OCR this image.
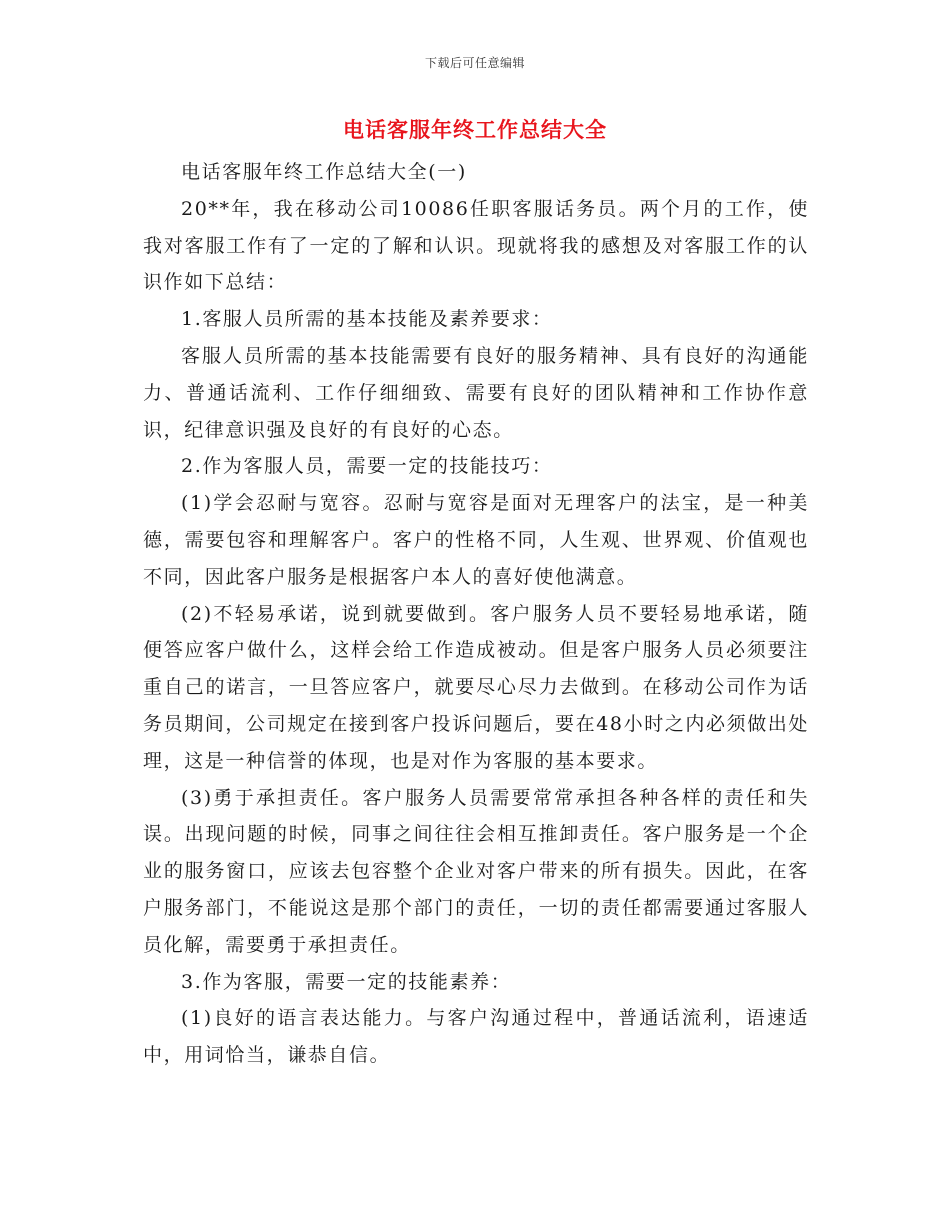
下载后可任意编辑
电话客服年终工作总结大全

电话客服年终工作总结大全(一)

20**年，我在移动公司10086任职客服话务员。两个月的工作，使我对客服工作有了一定的了解和认识。现就将我的感想及对客服工作的认识作如下总结：

1.客服人员所需的基本技能及素养要求：

客服人员所需的基本技能需要有良好的服务精神、具有良好的沟通能力、普通话流利、工作仔细细致、需要有良好的团队精神和工作协作意识，纪律意识强及良好的有良好的心态。

2.作为客服人员，需要一定的技能技巧：

(1)学会忍耐与宽容。忍耐与宽容是面对无理客户的法宝，是一种美德，需要包容和理解客户。客户的性格不同，人生观、世界观、价值观也不同，因此客户服务是根据客户本人的喜好使他满意。

(2)不轻易承诺，说到就要做到。客户服务人员不要轻易地承诺，随便答应客户做什么，这样会给工作造成被动。但是客户服务人员必须要注重自己的诺言，一旦答应客户，就要尽心尽力去做到。在移动公司作为话务员期间，公司规定在接到客户投诉问题后，要在48小时之内必须做出处理，这是一种信誉的体现，也是对作为客服的基本要求。

(3)勇于承担责任。客户服务人员需要常常承担各种各样的责任和失误。出现问题的时候，同事之间往往会相互推卸责任。客户服务是一个企业的服务窗口，应该去包容整个企业对客户带来的所有损失。因此，在客户服务部门，不能说这是那个部门的责任，一切的责任都需要通过客服人员化解，需要勇于承担责任。

3.作为客服，需要一定的技能素养：

(1)良好的语言表达能力。与客户沟通过程中，普通话流利，语速适中，用词恰当，谦恭自信。
